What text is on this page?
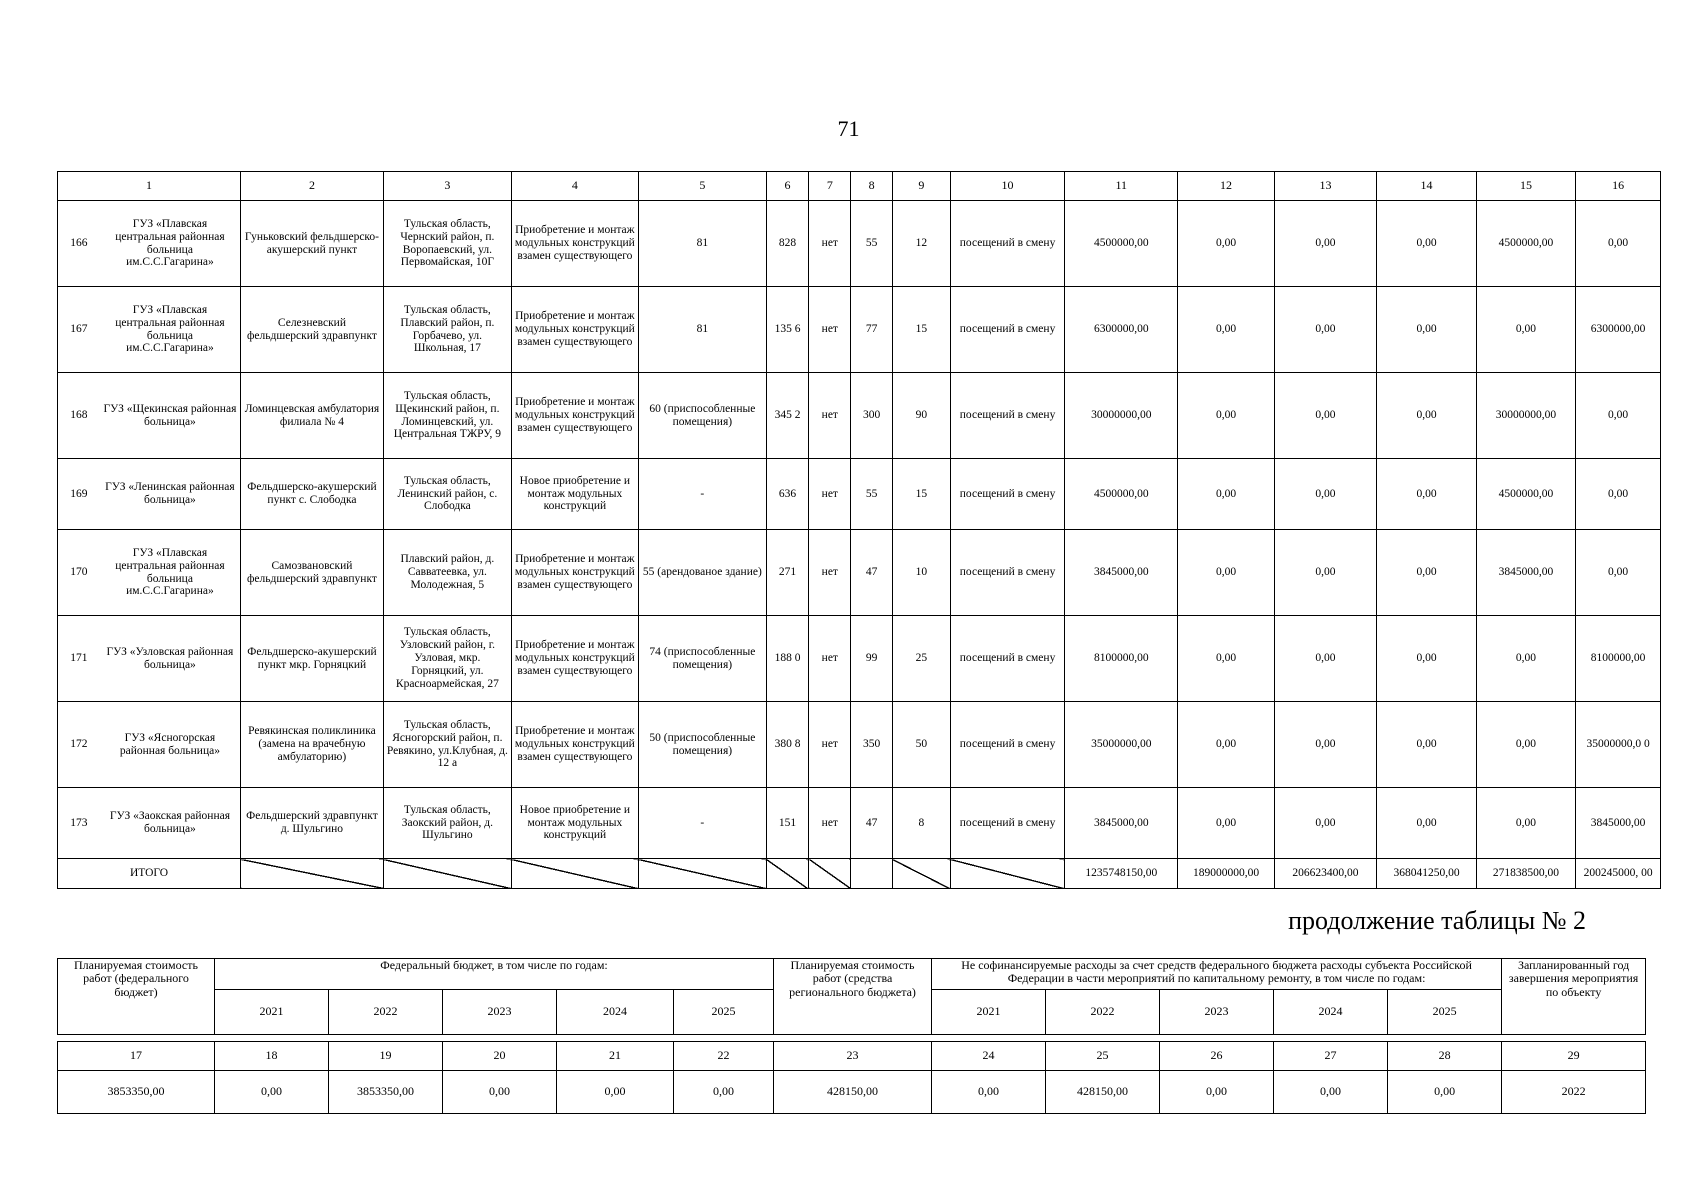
71
1		2	3	4	5	6	7	8	9	10	11	12	13	14	15	16
166	ГУЗ «Плавская центральная районная больница им.С.С.Гагарина»	Гуньковский фельдшерско-акушерский пункт	Тульская область, Чернский район, п. Воропаевский, ул. Первомайская, 10Г	Приобретение и монтаж модульных конструкций взамен существующего	81	828	нет	55	12	посещений в смену	4500000,00	0,00	0,00	0,00	4500000,00	0,00
167	ГУЗ «Плавская центральная районная больница им.С.С.Гагарина»	Селезневский фельдшерский здравпункт	Тульская область, Плавский район, п. Горбачево, ул. Школьная, 17	Приобретение и монтаж модульных конструкций взамен существующего	81	135 6	нет	77	15	посещений в смену	6300000,00	0,00	0,00	0,00	0,00	6300000,00
168	ГУЗ «Щекинская районная больница»	Ломинцевская амбулатория филиала № 4	Тульская область, Щекинский район, п. Ломинцевский, ул. Центральная ТЖРУ, 9	Приобретение и монтаж модульных конструкций взамен существующего	60 (приспособленные помещения)	345 2	нет	300	90	посещений в смену	30000000,00	0,00	0,00	0,00	30000000,00	0,00
169	ГУЗ «Ленинская районная больница»	Фельдшерско-акушерский пункт с. Слободка	Тульская область, Ленинский район, с. Слободка	Новое приобретение и монтаж модульных конструкций	-	636	нет	55	15	посещений в смену	4500000,00	0,00	0,00	0,00	4500000,00	0,00
170	ГУЗ «Плавская центральная районная больница им.С.С.Гагарина»	Самозвановский фельдшерский здравпункт	Плавский район, д. Савватеевка, ул. Молодежная, 5	Приобретение и монтаж модульных конструкций взамен существующего	55 (арендованое здание)	271	нет	47	10	посещений в смену	3845000,00	0,00	0,00	0,00	3845000,00	0,00
171	ГУЗ «Узловская районная больница»	Фельдшерско-акушерский пункт мкр. Горняцкий	Тульская область, Узловский район, г. Узловая, мкр. Горняцкий, ул. Красноармейская, 27	Приобретение и монтаж модульных конструкций взамен существующего	74 (приспособленные помещения)	188 0	нет	99	25	посещений в смену	8100000,00	0,00	0,00	0,00	0,00	8100000,00
172	ГУЗ «Ясногорская районная больница»	Ревякинская поликлиника (замена на врачебную амбулаторию)	Тульская область, Ясногорский район, п. Ревякино, ул.Клубная, д. 12 а	Приобретение и монтаж модульных конструкций взамен существующего	50 (приспособленные помещения)	380 8	нет	350	50	посещений в смену	35000000,00	0,00	0,00	0,00	0,00	35000000,0 0
173	ГУЗ «Заокская районная больница»	Фельдшерский здравпункт д. Шульгино	Тульская область, Заокский район, д. Шульгино	Новое приобретение и монтаж модульных конструкций	-	151	нет	47	8	посещений в смену	3845000,00	0,00	0,00	0,00	0,00	3845000,00
ИТОГО											1235748150,00	189000000,00	206623400,00	368041250,00	271838500,00	200245000, 00
продолжение таблицы № 2
Планируемая стоимость работ (федерального бюджет)	Федеральный бюджет, в том числе по годам:					Планируемая стоимость работ (средства регионального бюджета)	Не софинансируемые расходы за счет средств федерального бюджета расходы субъекта Российской Федерации в части мероприятий по капитальному ремонту, в том числе по годам:					Запланированный год завершения мероприятия по объекту
	2021	2022	2023	2024	2025		2021	2022	2023	2024	2025	

17	18	19	20	21	22	23	24	25	26	27	28	29
3853350,00	0,00	3853350,00	0,00	0,00	0,00	428150,00	0,00	428150,00	0,00	0,00	0,00	2022
